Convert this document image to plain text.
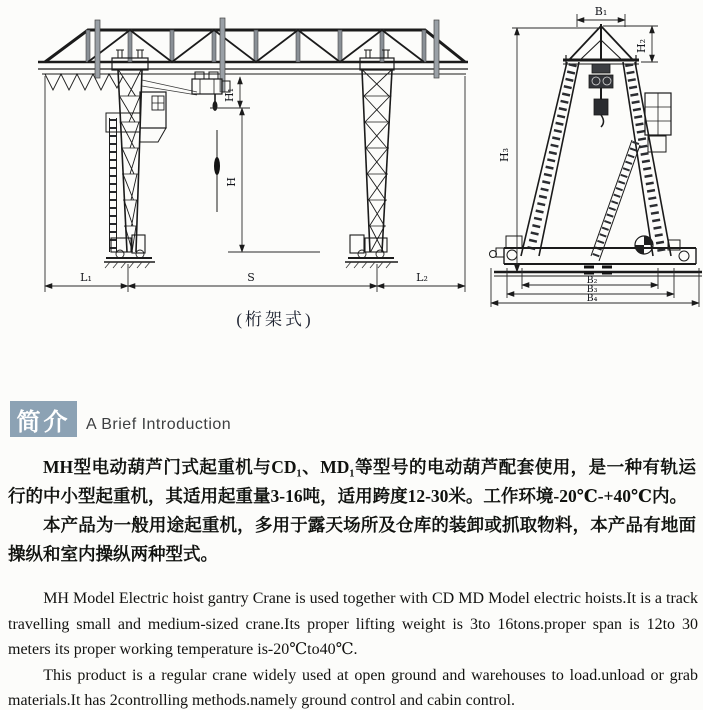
H₁
H
L₁	S	L₂
B₁
H₂
H₃
B₂
B₃
B₄
(桁架式)
简介 A Brief Introduction

MH型电动葫芦门式起重机与CD₁、MD₁等型号的电动葫芦配套使用，是一种有轨运行的中小型起重机，其适用起重量3-16吨，适用跨度12-30米。工作环境-20℃-+40℃内。

本产品为一般用途起重机，多用于露天场所及仓库的装卸或抓取物料，本产品有地面操纵和室内操纵两种型式。

MH Model Electric hoist gantry Crane is used together with CD MD Model electric hoists.It is a track travelling small and medium-sized crane.Its proper lifting weight is 3to 16tons.proper span is 12to 30 meters its proper working temperature is-20℃to40℃.

This product is a regular crane widely used at open ground and warehouses to load.unload or grab materials.It has 2controlling methods.namely ground control and cabin control.
